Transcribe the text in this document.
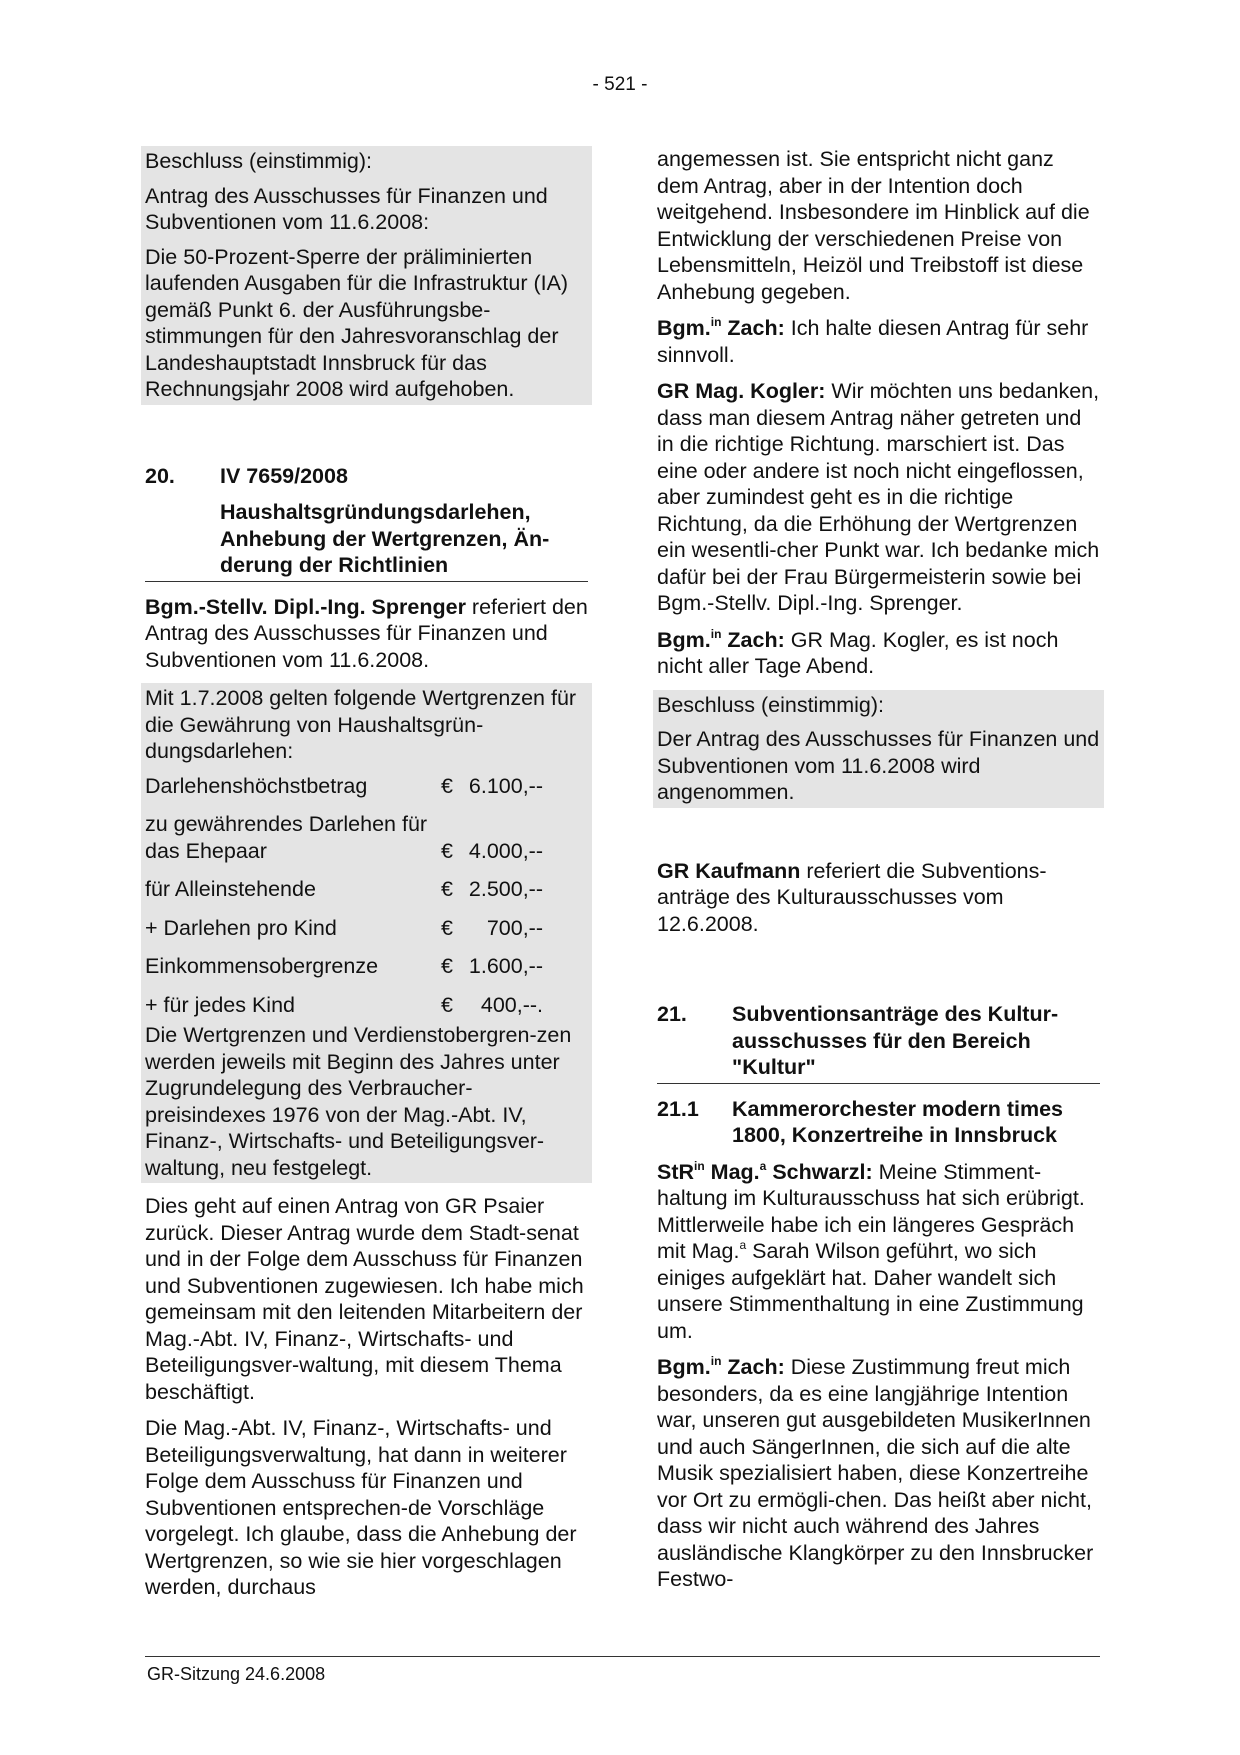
- 521 -

Beschluss (einstimmig):

Antrag des Ausschusses für Finanzen und Subventionen vom 11.6.2008:

Die 50-Prozent-Sperre der präliminierten laufenden Ausgaben für die Infrastruktur (IA) gemäß Punkt 6. der Ausführungsbe-stimmungen für den Jahresvoranschlag der Landeshauptstadt Innsbruck für das Rechnungsjahr 2008 wird aufgehoben.

20.	IV 7659/2008
Haushaltsgründungsdarlehen, Anhebung der Wertgrenzen, Än-derung der Richtlinien

Bgm.-Stellv. Dipl.-Ing. Sprenger referiert den Antrag des Ausschusses für Finanzen und Subventionen vom 11.6.2008.

Mit 1.7.2008 gelten folgende Wertgrenzen für die Gewährung von Haushaltsgrün-dungsdarlehen:

Darlehenshöchstbetrag	€ 6.100,--
zu gewährendes Darlehen für das Ehepaar	€ 4.000,--
für Alleinstehende	€ 2.500,--
+ Darlehen pro Kind	€	700,--
Einkommensobergrenze	€ 1.600,--
+ für jedes Kind	€	400,--.

Die Wertgrenzen und Verdienstobergren-zen werden jeweils mit Beginn des Jahres unter Zugrundelegung des Verbraucher-preisindexes 1976 von der Mag.-Abt. IV, Finanz-, Wirtschafts- und Beteiligungsver-waltung, neu festgelegt.

Dies geht auf einen Antrag von GR Psaier zurück. Dieser Antrag wurde dem Stadt-senat und in der Folge dem Ausschuss für Finanzen und Subventionen zugewiesen. Ich habe mich gemeinsam mit den leitenden Mitarbeitern der Mag.-Abt. IV, Finanz-, Wirtschafts- und Beteiligungsver-waltung, mit diesem Thema beschäftigt.

Die Mag.-Abt. IV, Finanz-, Wirtschafts- und Beteiligungsverwaltung, hat dann in weiterer Folge dem Ausschuss für Finanzen und Subventionen entsprechen-de Vorschläge vorgelegt. Ich glaube, dass die Anhebung der Wertgrenzen, so wie sie hier vorgeschlagen werden, durchaus

angemessen ist. Sie entspricht nicht ganz dem Antrag, aber in der Intention doch weitgehend. Insbesondere im Hinblick auf die Entwicklung der verschiedenen Preise von Lebensmitteln, Heizöl und Treibstoff ist diese Anhebung gegeben.

Bgm.$^{in}$ Zach: Ich halte diesen Antrag für sehr sinnvoll.

GR Mag. Kogler: Wir möchten uns bedanken, dass man diesem Antrag näher getreten und in die richtige Richtung. marschiert ist. Das eine oder andere ist noch nicht eingeflossen, aber zumindest geht es in die richtige Richtung, da die Erhöhung der Wertgrenzen ein wesentli-cher Punkt war. Ich bedanke mich dafür bei der Frau Bürgermeisterin sowie bei Bgm.-Stellv. Dipl.-Ing. Sprenger.

Bgm.$^{in}$ Zach: GR Mag. Kogler, es ist noch nicht aller Tage Abend.

Beschluss (einstimmig):

Der Antrag des Ausschusses für Finanzen und Subventionen vom 11.6.2008 wird angenommen.

GR Kaufmann referiert die Subventions-anträge des Kulturausschusses vom 12.6.2008.

21.	Subventionsanträge des Kultur-ausschusses für den Bereich "Kultur"
21.1	Kammerorchester modern times 1800, Konzertreihe in Innsbruck

StR$^{in}$ Mag.$^a$ Schwarzl: Meine Stimment-haltung im Kulturausschuss hat sich erübrigt. Mittlerweile habe ich ein längeres Gespräch mit Mag.$^a$ Sarah Wilson geführt, wo sich einiges aufgeklärt hat. Daher wandelt sich unsere Stimmenthaltung in eine Zustimmung um.

Bgm.$^{in}$ Zach: Diese Zustimmung freut mich besonders, da es eine langjährige Intention war, unseren gut ausgebildeten MusikerInnen und auch SängerInnen, die sich auf die alte Musik spezialisiert haben, diese Konzertreihe vor Ort zu ermögli-chen. Das heißt aber nicht, dass wir nicht auch während des Jahres ausländische Klangkörper zu den Innsbrucker Festwo-

GR-Sitzung 24.6.2008
